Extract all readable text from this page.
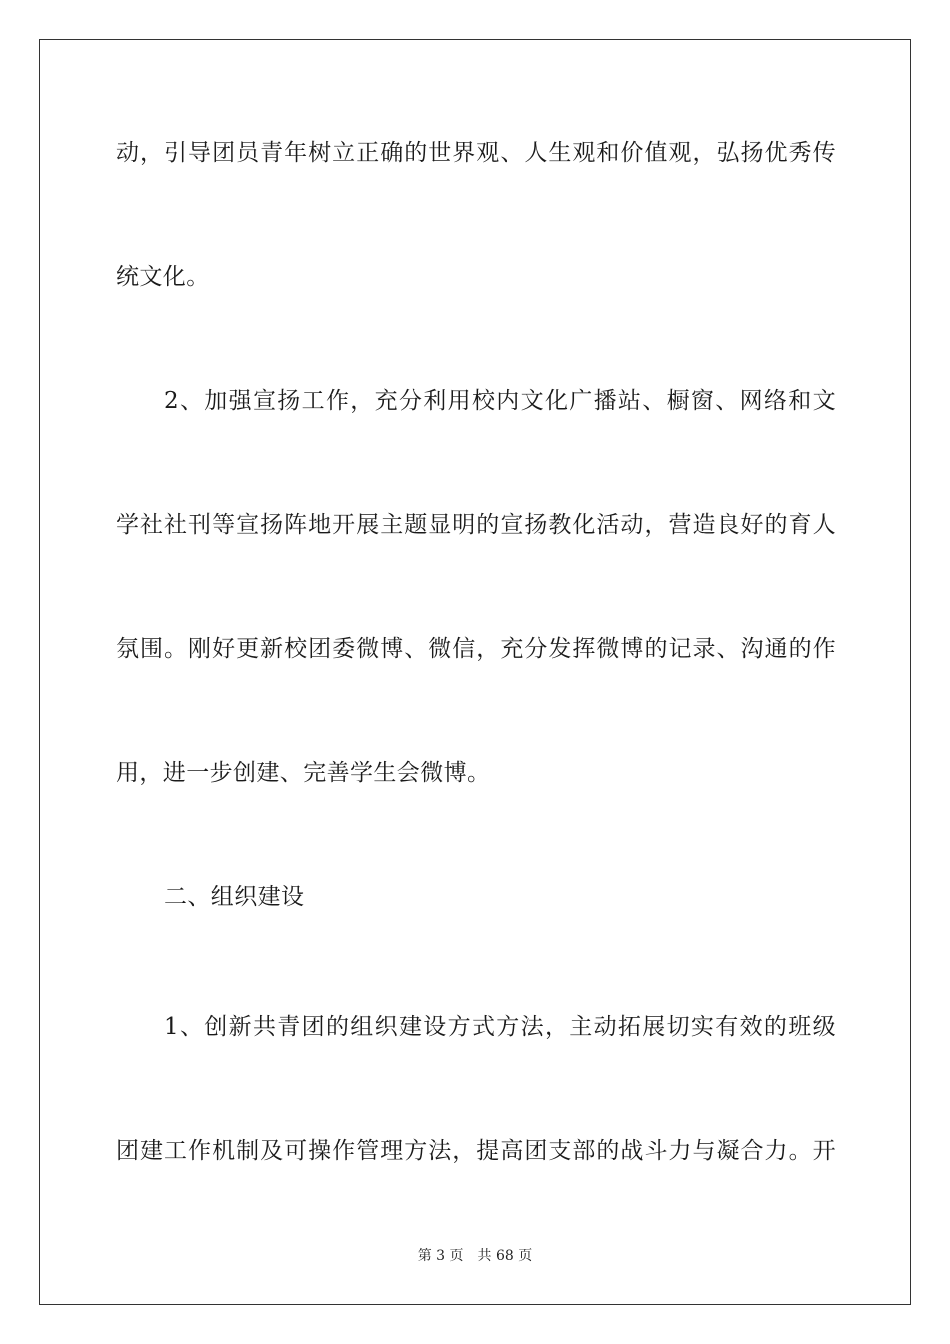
动，引导团员青年树立正确的世界观、人生观和价值观，弘扬优秀传
统文化。
2、加强宣扬工作，充分利用校内文化广播站、橱窗、网络和文
学社社刊等宣扬阵地开展主题显明的宣扬教化活动，营造良好的育人
氛围。刚好更新校团委微博、微信，充分发挥微博的记录、沟通的作
用，进一步创建、完善学生会微博。
二、组织建设
1、创新共青团的组织建设方式方法，主动拓展切实有效的班级
团建工作机制及可操作管理方法，提高团支部的战斗力与凝合力。开
第 3 页 共 68 页
